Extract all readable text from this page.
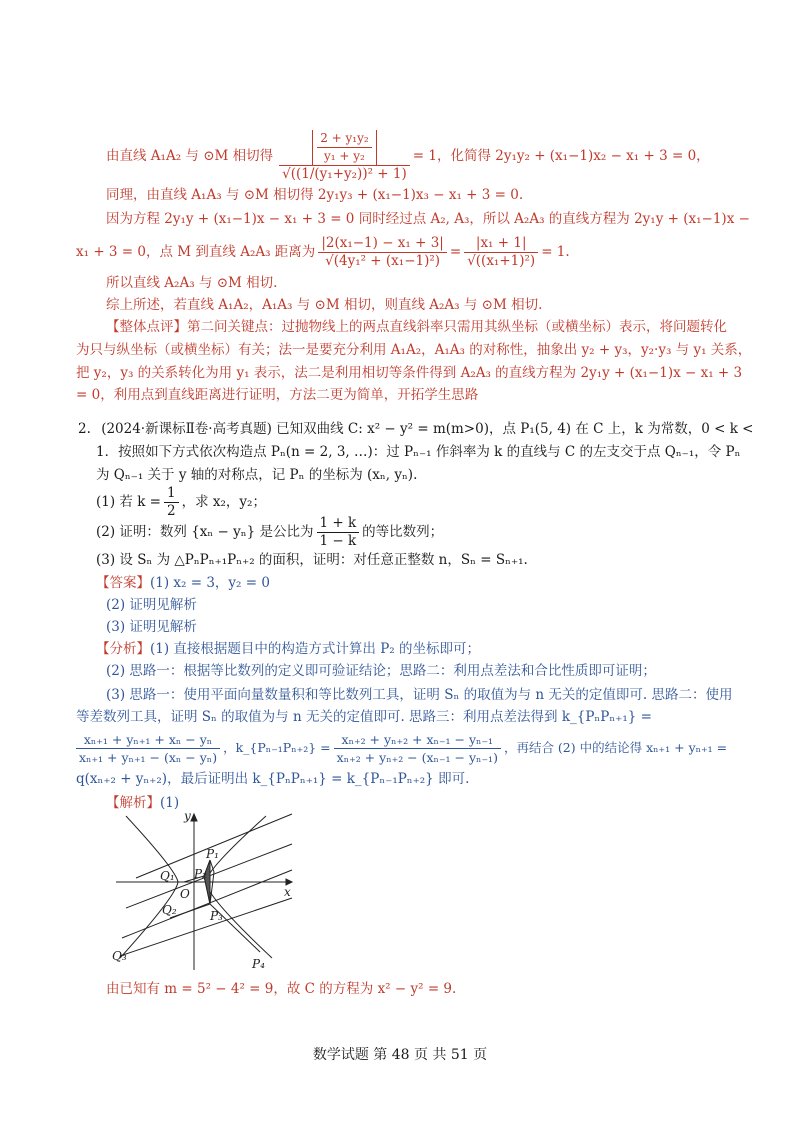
由直线 A₁A₂ 与 ⊙M 相切得 $\frac{\frac{\text{2 + y₁y₂}}{\text{y₁ + y₂}}}{\text{√((1/(y₁+y₂))² + 1)}} = 1$，化简得 2y₁y₂ + (x₁−1)x₂ − x₁ + 3 = 0，
同理，由直线 A₁A₃ 与 ⊙M 相切得 2y₁y₃ + (x₁−1)x₃ − x₁ + 3 = 0.
因为方程 2y₁y + (x₁−1)x − x₁ + 3 = 0 同时经过点 A₂, A₃，所以 A₂A₃ 的直线方程为 2y₁y + (x₁−1)x −
x₁ + 3 = 0，点 M 到直线 A₂A₃ 距离为 $\frac{\text{|2(x₁−1) − x₁ + 3|}}{\text{√(4y₁² + (x₁−1)²)}} = \frac{\text{|x₁ + 1|}}{\text{√((x₁+1)²)}} = 1$.
所以直线 A₂A₃ 与 ⊙M 相切.
综上所述，若直线 A₁A₂，A₁A₃ 与 ⊙M 相切，则直线 A₂A₃ 与 ⊙M 相切.
【整体点评】第二问关键点：过抛物线上的两点直线斜率只需用其纵坐标（或横坐标）表示，将问题转化
为只与纵坐标（或横坐标）有关；法一是要充分利用 A₁A₂，A₁A₃ 的对称性，抽象出 y₂ + y₃，y₂·y₃ 与 y₁ 关系，
把 y₂，y₃ 的关系转化为用 y₁ 表示，法二是利用相切等条件得到 A₂A₃ 的直线方程为 2y₁y + (x₁−1)x − x₁ + 3
= 0，利用点到直线距离进行证明，方法二更为简单，开拓学生思路
2. (2024·新课标Ⅱ卷·高考真题) 已知双曲线 C: x² − y² = m(m>0)，点 P₁(5, 4) 在 C 上，k 为常数，0 < k <
1．按照如下方式依次构造点 Pₙ(n = 2, 3, …)：过 Pₙ₋₁ 作斜率为 k 的直线与 C 的左支交于点 Qₙ₋₁，令 Pₙ
为 Qₙ₋₁ 关于 y 轴的对称点，记 Pₙ 的坐标为 (xₙ, yₙ).
(1) 若 $k = \frac{1}{2}$ ，求 x₂，y₂；
(2) 证明：数列 {xₙ − yₙ} 是公比为 $\frac{1 + k}{1 - k}$ 的等比数列；
(3) 设 Sₙ 为 △PₙPₙ₊₁Pₙ₊₂ 的面积，证明：对任意正整数 n，Sₙ = Sₙ₊₁.
【答案】(1) x₂ = 3，y₂ = 0
(2) 证明见解析
(3) 证明见解析
【分析】(1) 直接根据题目中的构造方式计算出 P₂ 的坐标即可；
(2) 思路一：根据等比数列的定义即可验证结论；思路二：利用点差法和合比性质即可证明；
(3) 思路一：使用平面向量数量积和等比数列工具，证明 Sₙ 的取值为与 n 无关的定值即可. 思路二：使用
等差数列工具，证明 Sₙ 的取值为与 n 无关的定值即可. 思路三：利用点差法得到 k_{PₙPₙ₊₁} =
$\frac{\text{xₙ₊₁ + yₙ₊₁ + xₙ − yₙ}}{\text{xₙ₊₁ + yₙ₊₁ − (xₙ − yₙ)}}$ ，k_{Pₙ₋₁Pₙ₊₂} = $\frac{\text{xₙ₊₂ + yₙ₊₂ + xₙ₋₁ − yₙ₋₁}}{\text{xₙ₊₂ + yₙ₊₂ − (xₙ₋₁ − yₙ₋₁)}}$ ，再结合 (2) 中的结论得 xₙ₊₁ + yₙ₊₁ =
q(xₙ₊₂ + yₙ₊₂)，最后证明出 k_{PₙPₙ₊₁} = k_{Pₙ₋₁Pₙ₊₂} 即可.
【解析】(1)
y
x
O
P₁
P₂
P₃
P₄
Q₁
Q₂
Q₃
由已知有 m = 5² − 4² = 9，故 C 的方程为 x² − y² = 9.
数学试题 第 48 页 共 51 页
